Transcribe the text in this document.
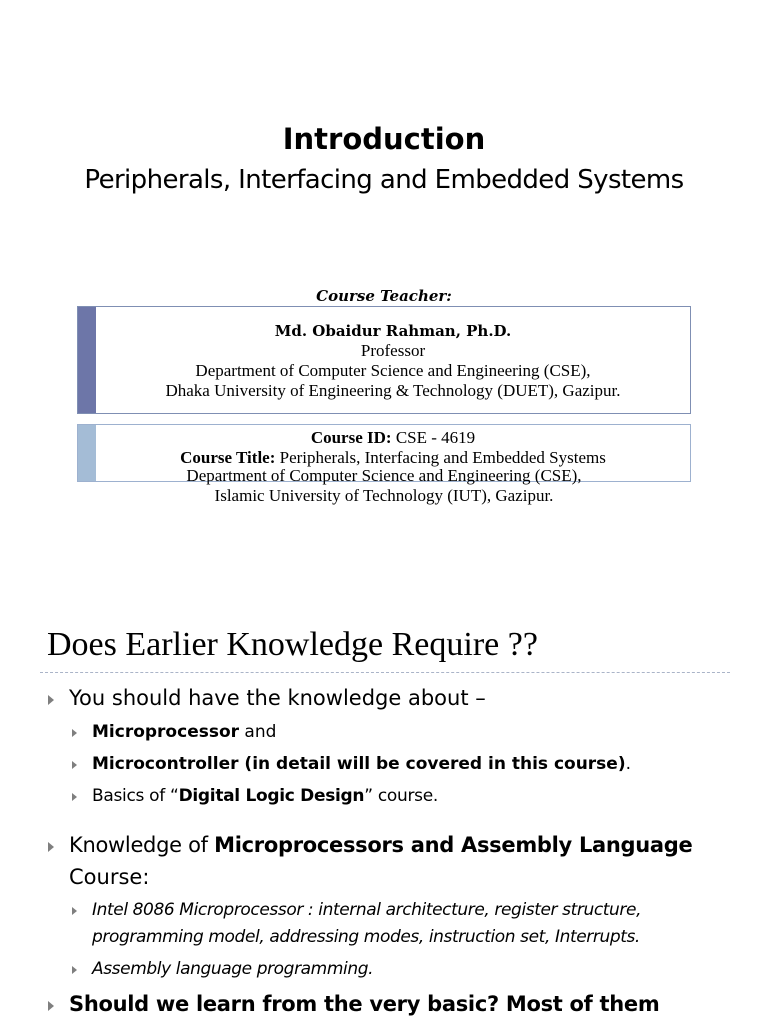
Introduction
Peripherals, Interfacing and Embedded Systems
Course Teacher:
Md. Obaidur Rahman, Ph.D.
Professor
Department of Computer Science and Engineering (CSE),
Dhaka University of Engineering & Technology (DUET), Gazipur.
Course ID: CSE - 4619
Course Title: Peripherals, Interfacing and Embedded Systems
Department of Computer Science and Engineering (CSE),
Islamic University of Technology (IUT), Gazipur.
Does Earlier Knowledge Require ??
You should have the knowledge about –
Microprocessor and
Microcontroller (in detail will be covered in this course).
Basics of “Digital Logic Design” course.
Knowledge of Microprocessors and Assembly Language
Course:
Intel 8086 Microprocessor : internal architecture, register structure,
programming model, addressing modes, instruction set, Interrupts.
Assembly language programming.
Should we learn from the very basic? Most of them
